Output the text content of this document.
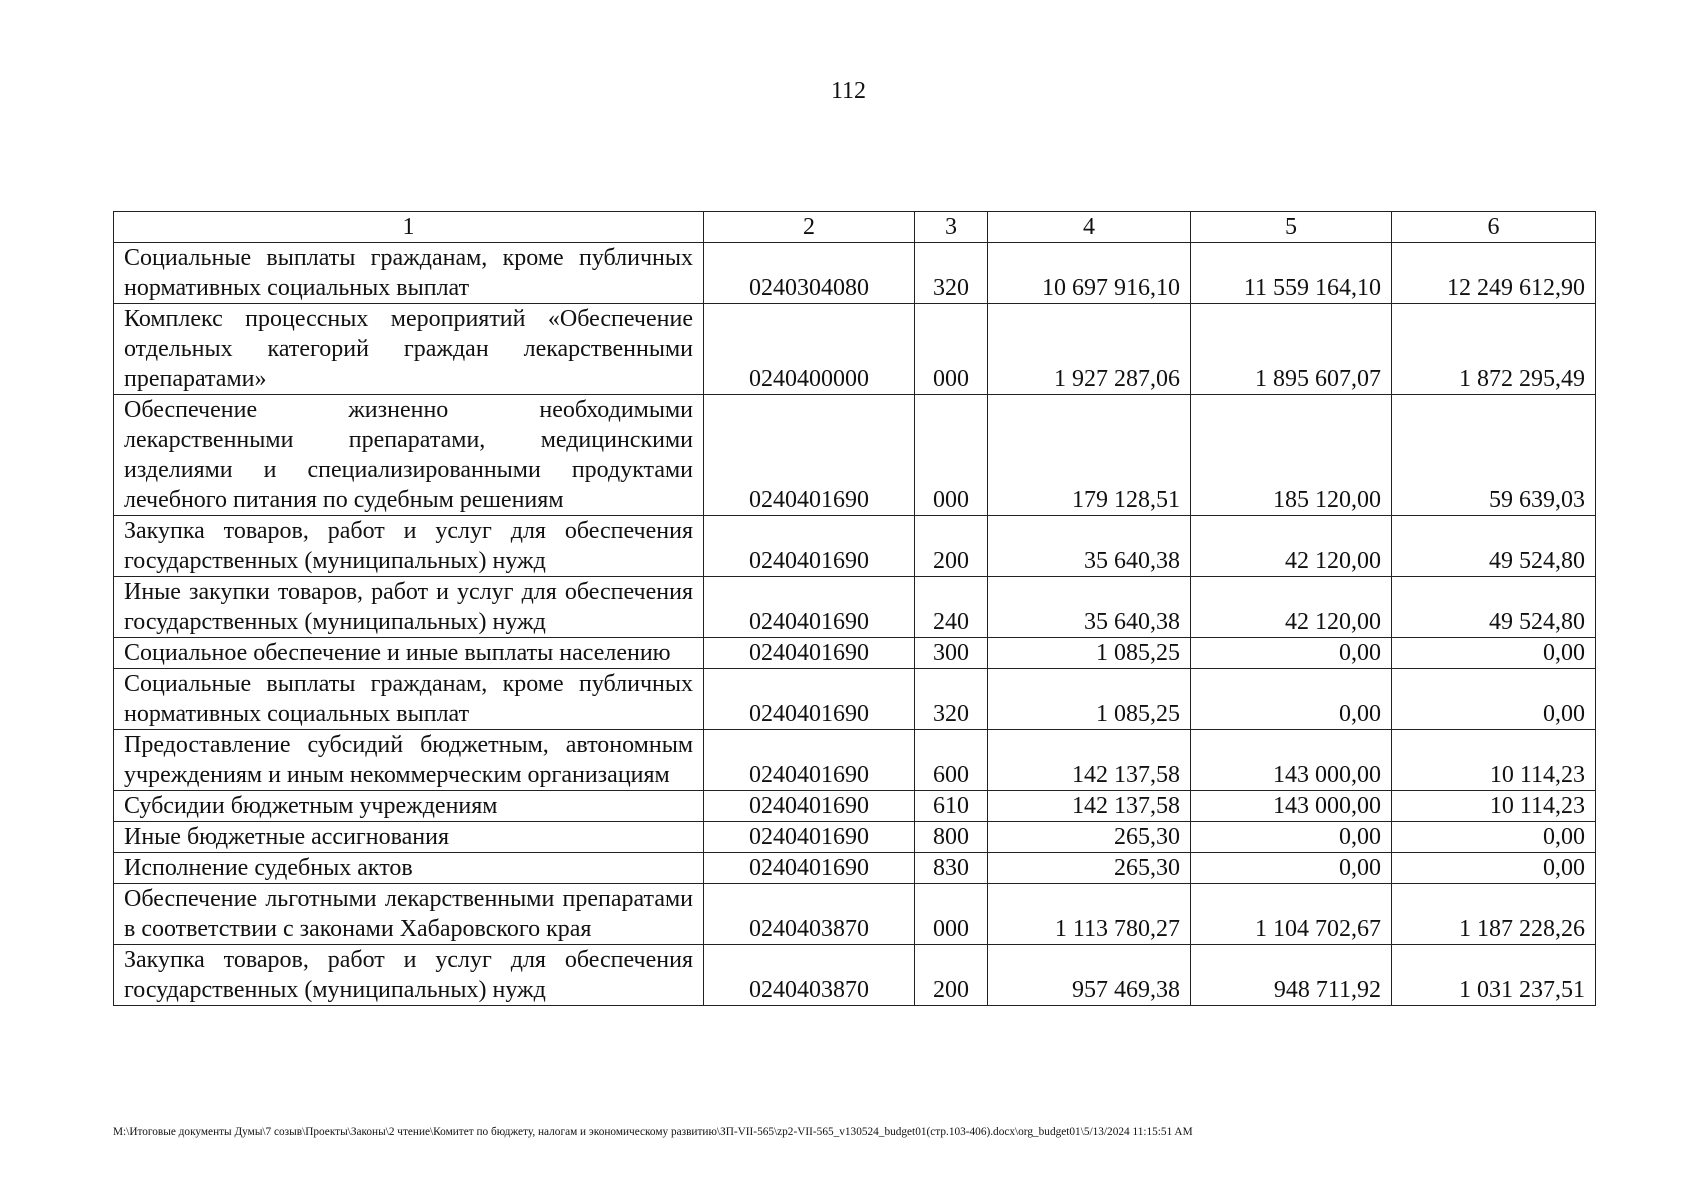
112
1	2	3	4	5	6
Социальные выплаты гражданам, кроме публичных нормативных социальных выплат	0240304080	320	10 697 916,10	11 559 164,10	12 249 612,90
Комплекс процессных мероприятий «Обеспечение отдельных категорий граждан лекарственными препаратами»	0240400000	000	1 927 287,06	1 895 607,07	1 872 295,49
Обеспечение жизненно необходимыми лекарственными препаратами, медицинскими изделиями и специализированными продуктами лечебного питания по судебным решениям	0240401690	000	179 128,51	185 120,00	59 639,03
Закупка товаров, работ и услуг для обеспечения государственных (муниципальных) нужд	0240401690	200	35 640,38	42 120,00	49 524,80
Иные закупки товаров, работ и услуг для обеспечения государственных (муниципальных) нужд	0240401690	240	35 640,38	42 120,00	49 524,80
Социальное обеспечение и иные выплаты населению	0240401690	300	1 085,25	0,00	0,00
Социальные выплаты гражданам, кроме публичных нормативных социальных выплат	0240401690	320	1 085,25	0,00	0,00
Предоставление субсидий бюджетным, автономным учреждениям и иным некоммерческим организациям	0240401690	600	142 137,58	143 000,00	10 114,23
Субсидии бюджетным учреждениям	0240401690	610	142 137,58	143 000,00	10 114,23
Иные бюджетные ассигнования	0240401690	800	265,30	0,00	0,00
Исполнение судебных актов	0240401690	830	265,30	0,00	0,00
Обеспечение льготными лекарственными препаратами в соответствии с законами Хабаровского края	0240403870	000	1 113 780,27	1 104 702,67	1 187 228,26
Закупка товаров, работ и услуг для обеспечения государственных (муниципальных) нужд	0240403870	200	957 469,38	948 711,92	1 031 237,51
M:\Итоговые документы Думы\7 созыв\Проекты\Законы\2 чтение\Комитет по бюджету, налогам и экономическому развитию\ЗП-VII-565\zp2-VII-565_v130524_budget01(стр.103-406).docx\org_budget01\5/13/2024 11:15:51 AM
